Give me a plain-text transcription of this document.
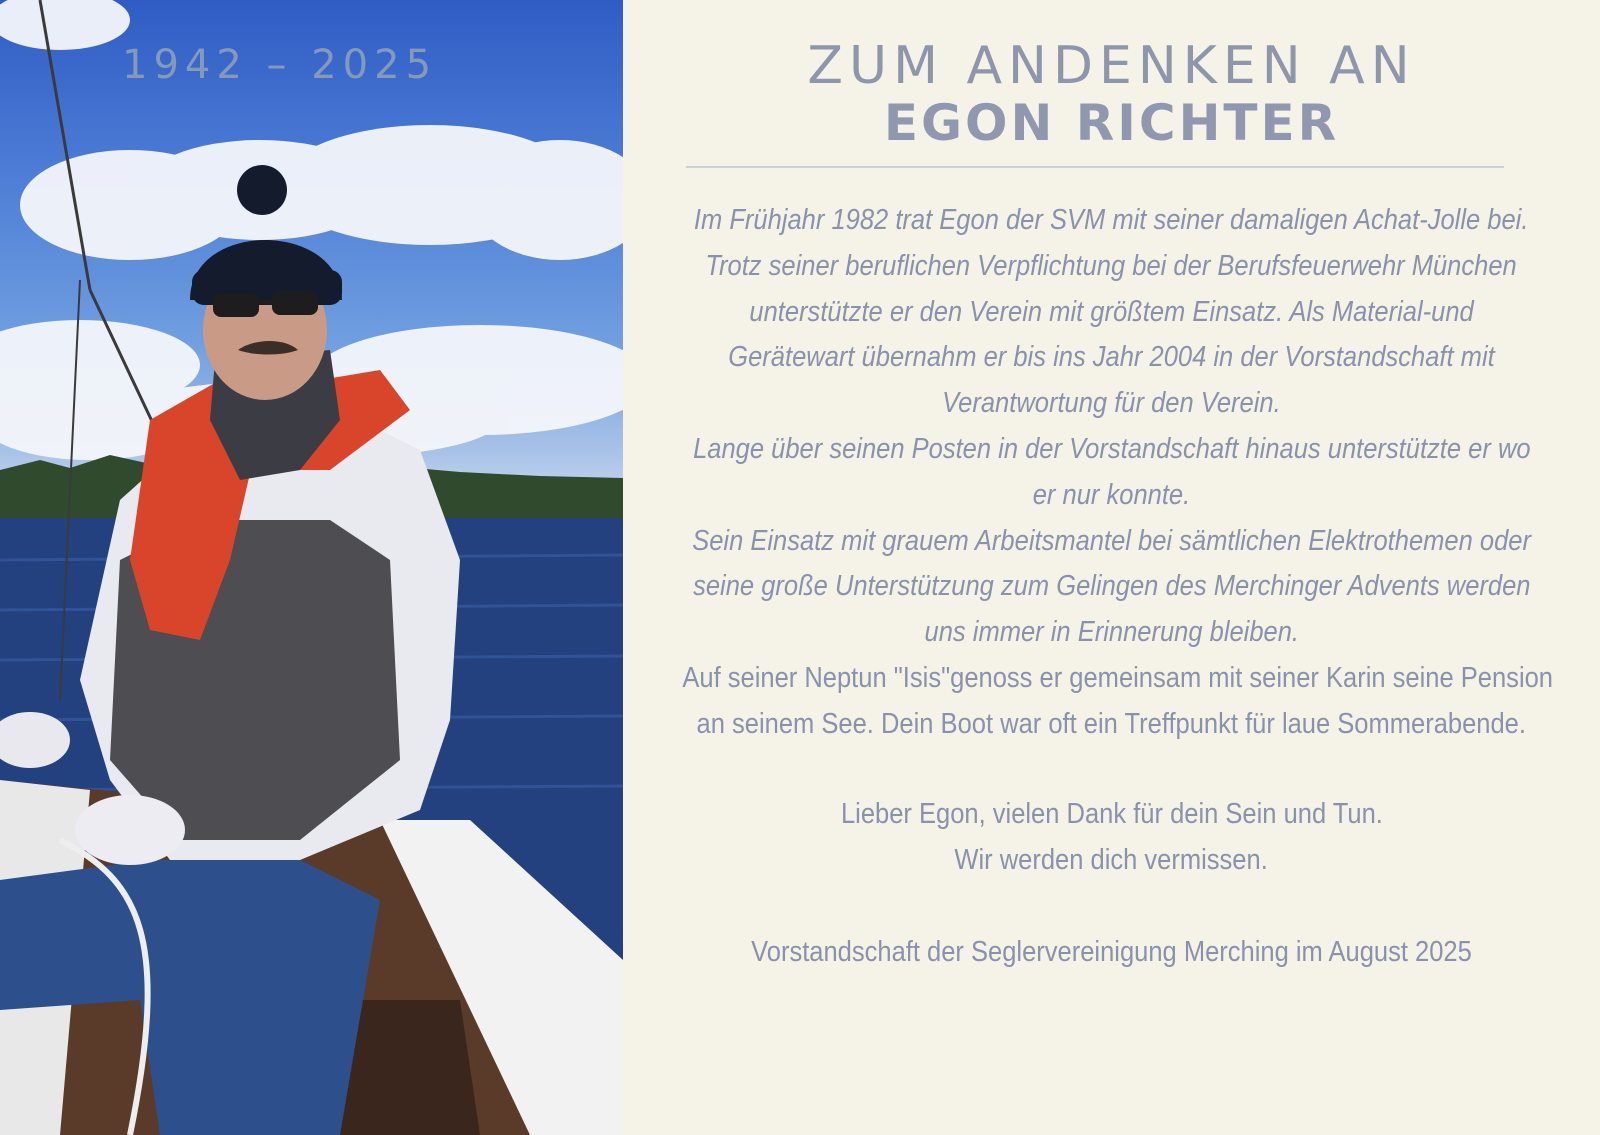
1942 – 2025	ZUM ANDENKEN AN
EGON RICHTER
Im Frühjahr 1982 trat Egon der SVM mit seiner damaligen Achat-Jolle bei.
Trotz seiner beruflichen Verpflichtung bei der Berufsfeuerwehr München
unterstützte er den Verein mit größtem Einsatz. Als Material-und
Gerätewart übernahm er bis ins Jahr 2004 in der Vorstandschaft mit
Verantwortung für den Verein.
Lange über seinen Posten in der Vorstandschaft hinaus unterstützte er wo
er nur konnte.
Sein Einsatz mit grauem Arbeitsmantel bei sämtlichen Elektrothemen oder
seine große Unterstützung zum Gelingen des Merchinger Advents werden
uns immer in Erinnerung bleiben.
Auf seiner Neptun "Isis"genoss er gemeinsam mit seiner Karin seine Pension
an seinem See. Dein Boot war oft ein Treffpunkt für laue Sommerabende.
Lieber Egon, vielen Dank für dein Sein und Tun.
Wir werden dich vermissen.
Vorstandschaft der Seglervereinigung Merching im August 2025
